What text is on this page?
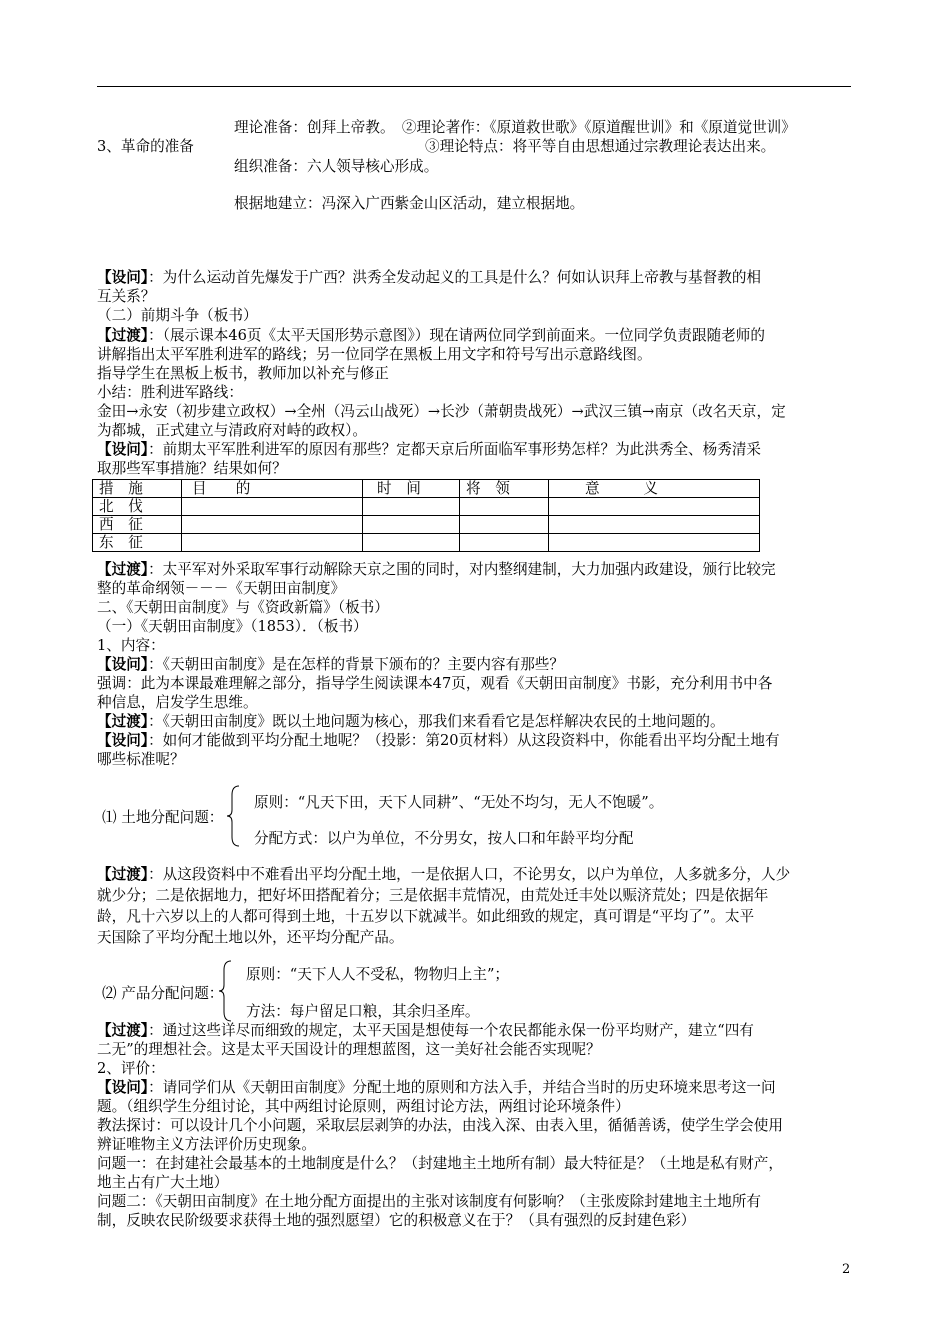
理论准备：创拜上帝教。　②理论著作：《原道救世歌》《原道醒世训》和《原道觉世训》
3、革命的准备	③理论特点：将平等自由思想通过宗教理论表达出来。
组织准备：六人领导核心形成。
根据地建立：冯深入广西紫金山区活动，建立根据地。
【设问】：为什么运动首先爆发于广西？洪秀全发动起义的工具是什么？何如认识拜上帝教与基督教的相
互关系？
（二）前期斗争（板书）
【过渡】：（展示课本46页《太平天国形势示意图》）现在请两位同学到前面来。一位同学负责跟随老师的
讲解指出太平军胜利进军的路线；另一位同学在黑板上用文字和符号写出示意路线图。
指导学生在黑板上板书，教师加以补充与修正
小结：胜利进军路线：
金田→永安（初步建立政权）→全州（冯云山战死）→长沙（萧朝贵战死）→武汉三镇→南京（改名天京，定
为都城，正式建立与清政府对峙的政权）。
【设问】：前期太平军胜利进军的原因有那些？定都天京后所面临军事形势怎样？为此洪秀全、杨秀清采
取那些军事措施？结果如何？
措　施	目　　的	时　间	将　领	意　　　义
北　伐				
西　征				
东　征				
【过渡】：太平军对外采取军事行动解除天京之围的同时，对内整纲建制，大力加强内政建设，颁行比较完
整的革命纲领－－－《天朝田亩制度》
二、《天朝田亩制度》与《资政新篇》（板书）
（一）《天朝田亩制度》（1853）．（板书）
1、内容：
【设问】：《天朝田亩制度》是在怎样的背景下颁布的？主要内容有那些？
强调：此为本课最难理解之部分，指导学生阅读课本47页，观看《天朝田亩制度》书影，充分利用书中各
种信息，启发学生思维。
【过渡】：《天朝田亩制度》既以土地问题为核心，那我们来看看它是怎样解决农民的土地问题的。
【设问】：如何才能做到平均分配土地呢？（投影：第20页材料）从这段资料中，你能看出平均分配土地有
哪些标准呢？
⑴ 土地分配问题：
原则：“凡天下田，天下人同耕”、“无处不均匀，无人不饱暖”。
分配方式：以户为单位，不分男女，按人口和年龄平均分配
【过渡】：从这段资料中不难看出平均分配土地，一是依据人口，不论男女，以户为单位，人多就多分，人少
就少分；二是依据地力，把好坏田搭配着分；三是依据丰荒情况，由荒处迁丰处以赈济荒处；四是依据年
龄，凡十六岁以上的人都可得到土地，十五岁以下就减半。如此细致的规定，真可谓是“平均了”。太平
天国除了平均分配土地以外，还平均分配产品。
⑵ 产品分配问题：
原则：“天下人人不受私，物物归上主”；
方法：每户留足口粮，其余归圣库。
【过渡】：通过这些详尽而细致的规定，太平天国是想使每一个农民都能永保一份平均财产，建立“四有
二无”的理想社会。这是太平天国设计的理想蓝图，这一美好社会能否实现呢？
2、评价：
【设问】：请同学们从《天朝田亩制度》分配土地的原则和方法入手，并结合当时的历史环境来思考这一问
题。（组织学生分组讨论，其中两组讨论原则，两组讨论方法，两组讨论环境条件）
教法探讨：可以设计几个小问题，采取层层剥笋的办法，由浅入深、由表入里，循循善诱，使学生学会使用
辨证唯物主义方法评价历史现象。
问题一：在封建社会最基本的土地制度是什么？（封建地主土地所有制）最大特征是？（土地是私有财产，
地主占有广大土地）
问题二：《天朝田亩制度》在土地分配方面提出的主张对该制度有何影响？（主张废除封建地主土地所有
制，反映农民阶级要求获得土地的强烈愿望）它的积极意义在于？（具有强烈的反封建色彩）
2
